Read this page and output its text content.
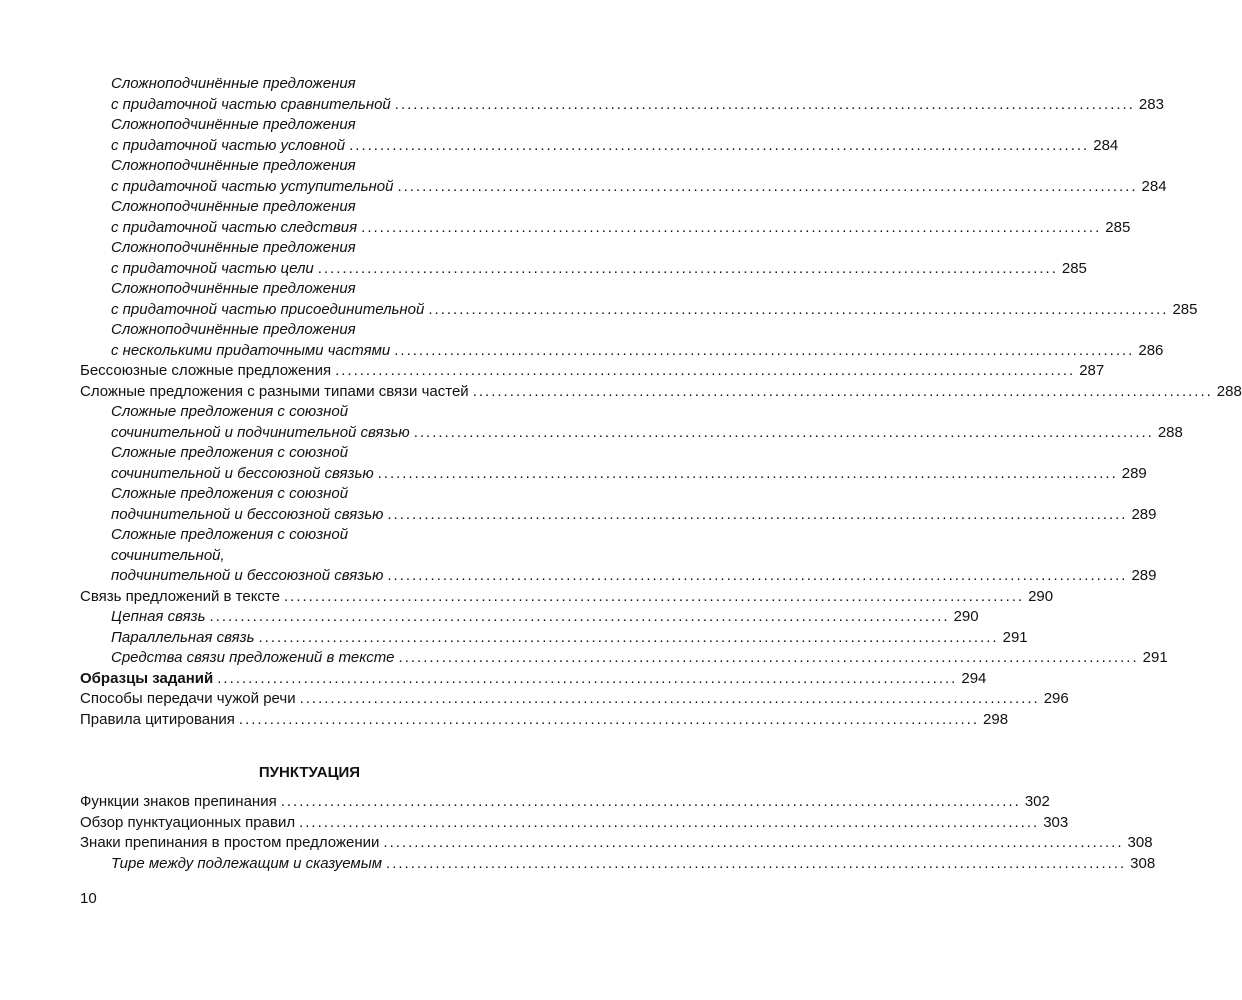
Сложноподчинённые предложения
с придаточной частью сравнительной ........................................................................................................................ 283
Сложноподчинённые предложения
с придаточной частью условной ........................................................................................................................ 284
Сложноподчинённые предложения
с придаточной частью уступительной ........................................................................................................................ 284
Сложноподчинённые предложения
с придаточной частью следствия ........................................................................................................................ 285
Сложноподчинённые предложения
с придаточной частью цели ........................................................................................................................ 285
Сложноподчинённые предложения
с придаточной частью присоединительной ........................................................................................................................ 285
Сложноподчинённые предложения
с несколькими придаточными частями ........................................................................................................................ 286
Бессоюзные сложные предложения ........................................................................................................................ 287
Сложные предложения с разными типами связи частей ........................................................................................................................ 288
Сложные предложения с союзной
сочинительной и подчинительной связью ........................................................................................................................ 288
Сложные предложения с союзной
сочинительной и бессоюзной связью ........................................................................................................................ 289
Сложные предложения с союзной
подчинительной и бессоюзной связью ........................................................................................................................ 289
Сложные предложения с союзной
сочинительной,
подчинительной и бессоюзной связью ........................................................................................................................ 289
Связь предложений в тексте ........................................................................................................................ 290
Цепная связь ........................................................................................................................ 290
Параллельная связь ........................................................................................................................ 291
Средства связи предложений в тексте ........................................................................................................................ 291
Образцы заданий ........................................................................................................................ 294
Способы передачи чужой речи ........................................................................................................................ 296
Правила цитирования ........................................................................................................................ 298
ПУНКТУАЦИЯ
Функции знаков препинания ........................................................................................................................ 302
Обзор пунктуационных правил ........................................................................................................................ 303
Знаки препинания в простом предложении ........................................................................................................................ 308
Тире между подлежащим и сказуемым ........................................................................................................................ 308
10
